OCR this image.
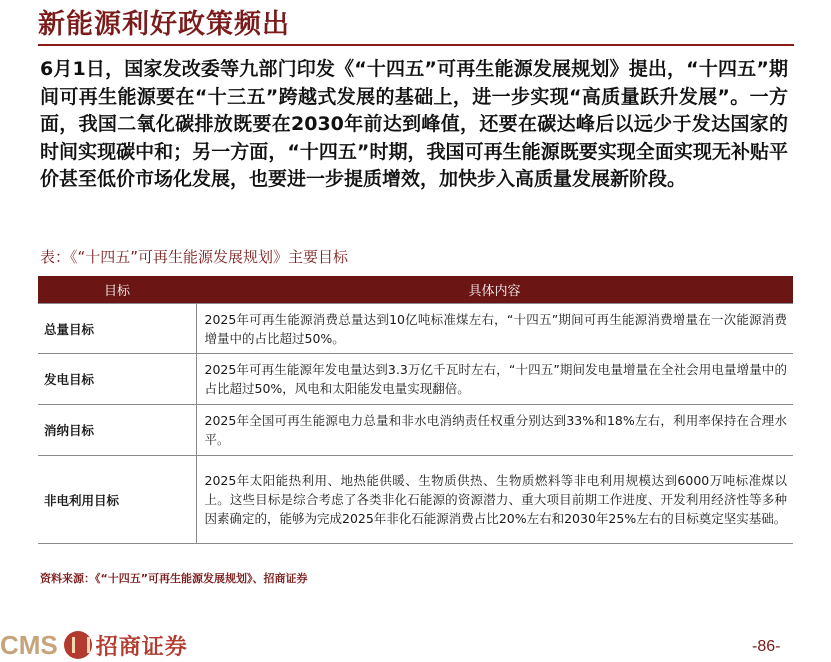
新能源利好政策频出
6月1日，国家发改委等九部门印发《“十四五”可再生能源发展规划》提出，“十四五”期间可再生能源要在“十三五”跨越式发展的基础上，进一步实现“高质量跃升发展”。一方面，我国二氧化碳排放既要在2030年前达到峰值，还要在碳达峰后以远少于发达国家的时间实现碳中和；另一方面，“十四五”时期，我国可再生能源既要实现全面实现无补贴平价甚至低价市场化发展，也要进一步提质增效，加快步入高质量发展新阶段。
表：《“十四五”可再生能源发展规划》主要目标
目标	具体内容
总量目标	2025年可再生能源消费总量达到10亿吨标准煤左右，“十四五”期间可再生能源消费增量在一次能源消费增量中的占比超过50%。
发电目标	2025年可再生能源年发电量达到3.3万亿千瓦时左右，“十四五”期间发电量增量在全社会用电量增量中的占比超过50%，风电和太阳能发电量实现翻倍。
消纳目标	2025年全国可再生能源电力总量和非水电消纳责任权重分别达到33%和18%左右，利用率保持在合理水平。
非电利用目标	2025年太阳能热利用、地热能供暖、生物质供热、生物质燃料等非电利用规模达到6000万吨标准煤以上。这些目标是综合考虑了各类非化石能源的资源潜力、重大项目前期工作进度、开发利用经济性等多种因素确定的，能够为完成2025年非化石能源消费占比20%左右和2030年25%左右的目标奠定坚实基础。
资料来源：《“十四五”可再生能源发展规划》、招商证券
CMS 招商证券	-86-
